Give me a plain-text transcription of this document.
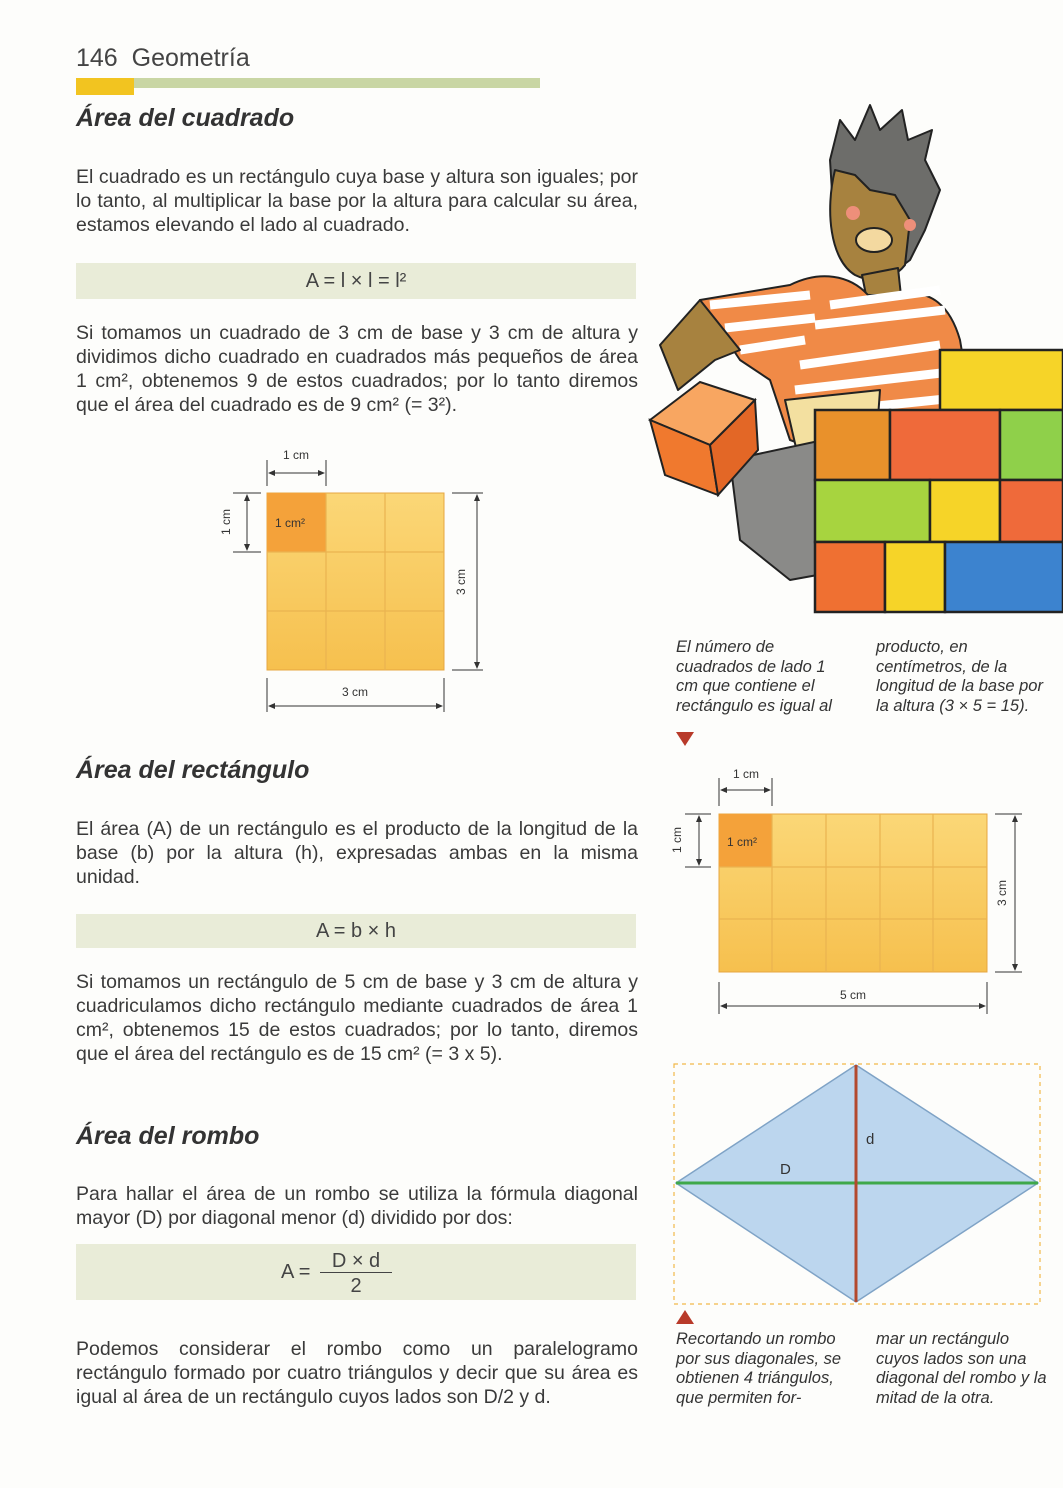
146 Geometría
Área del cuadrado

El cuadrado es un rectángulo cuya base y altura son iguales; por lo tanto, al multiplicar la base por la altura para calcular su área, estamos elevando el lado al cuadrado.

A = l × l = l²

Si tomamos un cuadrado de 3 cm de base y 3 cm de altura y dividimos dicho cuadrado en cuadrados más pequeños de área 1 cm², obtenemos 9 de estos cuadrados; por lo tanto diremos que el área del cuadrado es de 9 cm² (= 3²).

1 cm²
1 cm
1 cm
3 cm
3 cm

El número de cuadrados de lado 1 cm que contiene el rectángulo es igual al

producto, en centímetros, de la longitud de la base por la altura (3 × 5 = 15).

Área del rectángulo

El área (A) de un rectángulo es el producto de la longitud de la base (b) por la altura (h), expresadas ambas en la misma unidad.

A = b × h

Si tomamos un rectángulo de 5 cm de base y 3 cm de altura y cuadriculamos dicho rectángulo mediante cuadrados de área 1 cm², obtenemos 15 de estos cuadrados; por lo tanto, diremos que el área del rectángulo es de 15 cm² (= 3 x 5).

1 cm²
1 cm
1 cm
3 cm
5 cm
Área del rombo

Para hallar el área de un rombo se utiliza la fórmula diagonal mayor (D) por diagonal menor (d) dividido por dos:

A =	D × d
2

Podemos considerar el rombo como un paralelogramo rectángulo formado por cuatro triángulos y decir que su área es igual al área de un rectángulo cuyos lados son D/2 y d.

D
d

Recortando un rombo por sus diagonales, se obtienen 4 triángulos, que permiten for-

mar un rectángulo cuyos lados son una diagonal del rombo y la mitad de la otra.
